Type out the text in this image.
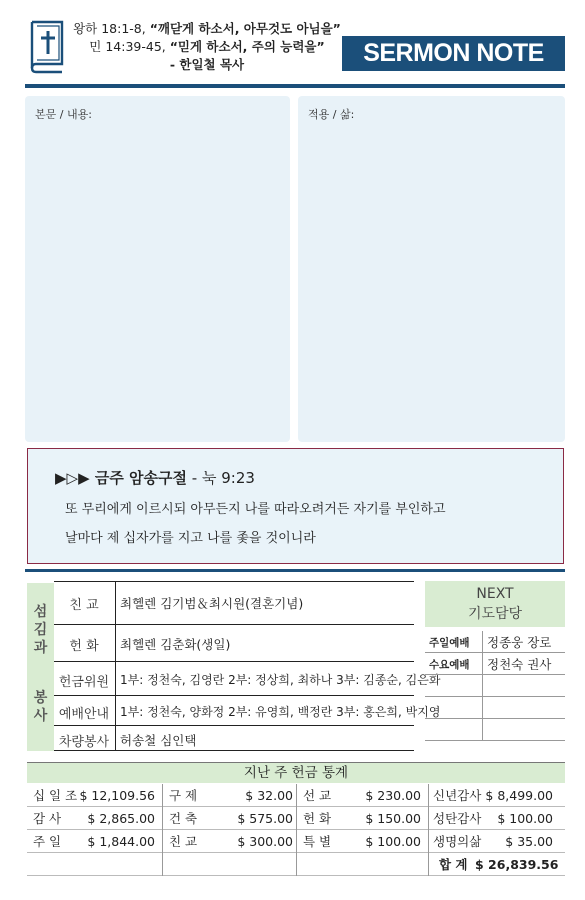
왕하 18:1-8, “깨닫게 하소서, 아무것도 아님을”
민 14:39-45, “믿게 하소서, 주의 능력을”
- 한일철 목사	SERMON NOTE
본문 / 내용:	적용 / 삶:
▶▷▶ 금주 암송구절 - 눅 9:23
또 무리에게 이르시되 아무든지 나를 따라오려거든 자기를 부인하고
날마다 제 십자가를 지고 나를 좇을 것이니라
섬
김
과
봉
사
친 교	최헬렌 김기범＆최시원(결혼기념)
헌 화	최헬렌 김춘화(생일)
헌금위원 1부: 정천숙, 김영란 2부: 정상희, 최하나 3부: 김종순, 김은화
예배안내 1부: 정천숙, 양화정 2부: 유영희, 백정란 3부: 홍은희, 박지영
차량봉사 허송철 심인택
NEXT
기도담당
주일예배 정종웅 장로
수요예배 정천숙 권사
지난 주 헌금 통계
십 일 조 $ 12,109.56 구 제	$ 32.00 선 교	$ 230.00 신년감사 $ 8,499.00
감 사	$ 2,865.00 건 축	$ 575.00 헌 화	$ 150.00 성탄감사	$ 100.00
주 일	$ 1,844.00 친 교	$ 300.00 특 별	$ 100.00 생명의삶	$ 35.00
합 계 $ 26,839.56
